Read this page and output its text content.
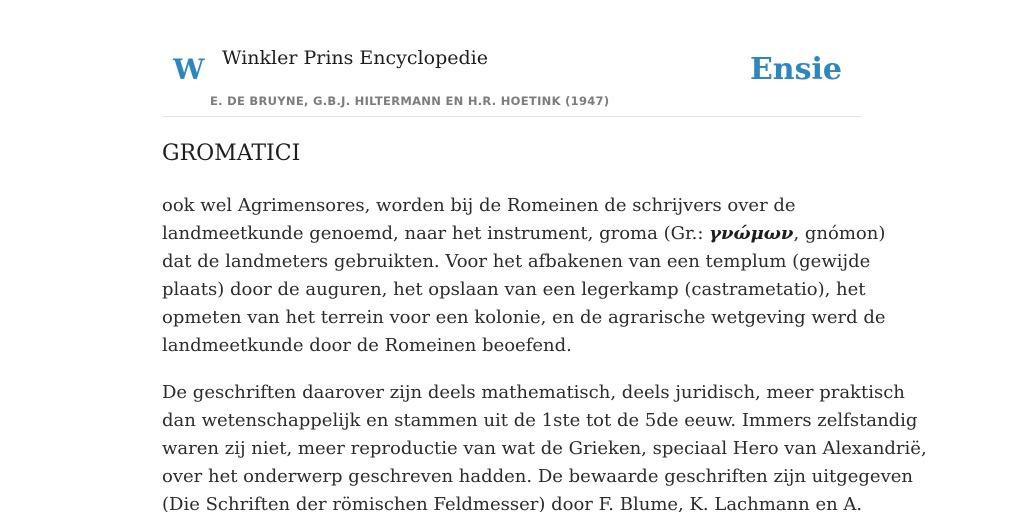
W Winkler Prins Encyclopedie
E. DE BRUYNE, G.B.J. HILTERMANN EN H.R. HOETINK (1947)
Ensie
GROMATICI

ook wel Agrimensores, worden bij de Romeinen de schrijvers over de
landmeetkunde genoemd, naar het instrument, groma (Gr.: γνώμων, gnómon)
dat de landmeters gebruikten. Voor het afbakenen van een templum (gewijde
plaats) door de auguren, het opslaan van een legerkamp (castrametatio), het
opmeten van het terrein voor een kolonie, en de agrarische wetgeving werd de
landmeetkunde door de Romeinen beoefend.

De geschriften daarover zijn deels mathematisch, deels juridisch, meer praktisch
dan wetenschappelijk en stammen uit de 1ste tot de 5de eeuw. Immers zelfstandig
waren zij niet, meer reproductie van wat de Grieken, speciaal Hero van Alexandrië,
over het onderwerp geschreven hadden. De bewaarde geschriften zijn uitgegeven
(Die Schriften der römischen Feldmesser) door F. Blume, K. Lachmann en A.
